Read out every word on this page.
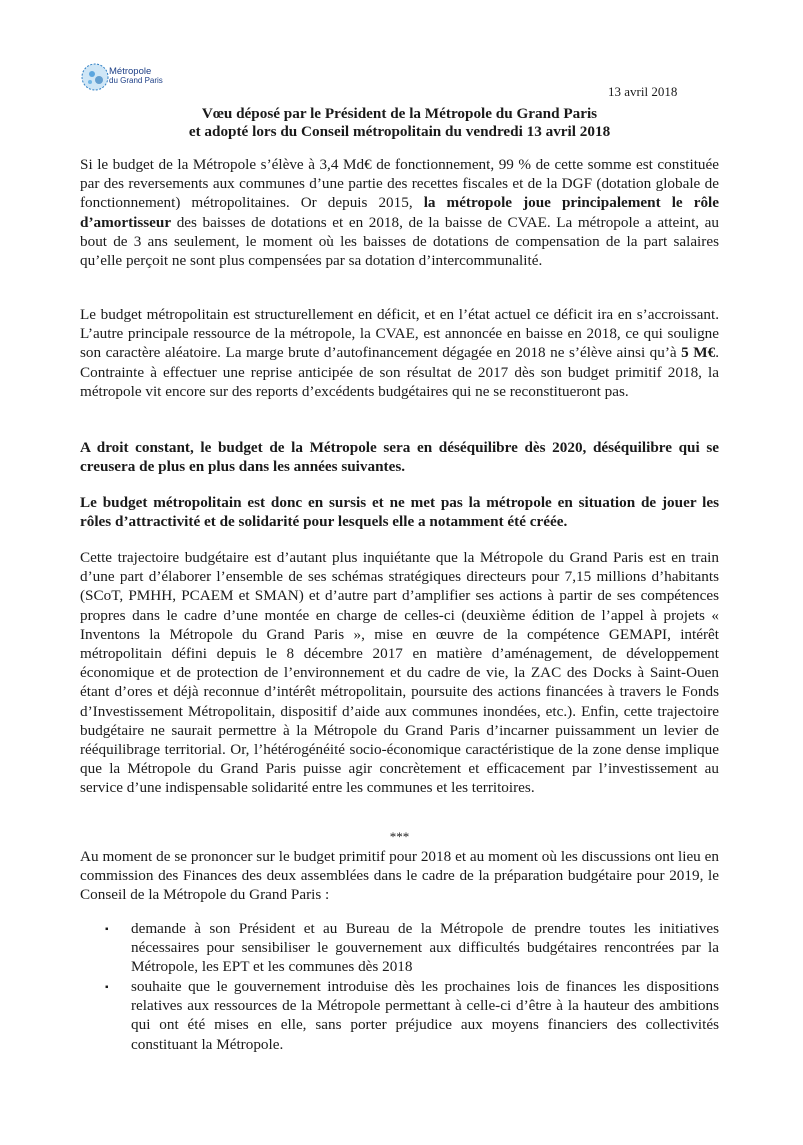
Métropole
du Grand Paris
13 avril 2018
Vœu déposé par le Président de la Métropole du Grand Paris
et adopté lors du Conseil métropolitain du vendredi 13 avril 2018

Si le budget de la Métropole s’élève à 3,4 Md€ de fonctionnement, 99 % de cette somme est constituée par des reversements aux communes d’une partie des recettes fiscales et de la DGF (dotation globale de fonctionnement) métropolitaines. Or depuis 2015, la métropole joue principalement le rôle d’amortisseur des baisses de dotations et en 2018, de la baisse de CVAE. La métropole a atteint, au bout de 3 ans seulement, le moment où les baisses de dotations de compensation de la part salaires qu’elle perçoit ne sont plus compensées par sa dotation d’intercommunalité.

Le budget métropolitain est structurellement en déficit, et en l’état actuel ce déficit ira en s’accroissant. L’autre principale ressource de la métropole, la CVAE, est annoncée en baisse en 2018, ce qui souligne son caractère aléatoire. La marge brute d’autofinancement dégagée en 2018 ne s’élève ainsi qu’à 5 M€. Contrainte à effectuer une reprise anticipée de son résultat de 2017 dès son budget primitif 2018, la métropole vit encore sur des reports d’excédents budgétaires qui ne se reconstitueront pas.

A droit constant, le budget de la Métropole sera en déséquilibre dès 2020, déséquilibre qui se creusera de plus en plus dans les années suivantes.

Le budget métropolitain est donc en sursis et ne met pas la métropole en situation de jouer les rôles d’attractivité et de solidarité pour lesquels elle a notamment été créée.

Cette trajectoire budgétaire est d’autant plus inquiétante que la Métropole du Grand Paris est en train d’une part d’élaborer l’ensemble de ses schémas stratégiques directeurs pour 7,15 millions d’habitants (SCoT, PMHH, PCAEM et SMAN) et d’autre part d’amplifier ses actions à partir de ses compétences propres dans le cadre d’une montée en charge de celles-ci (deuxième édition de l’appel à projets « Inventons la Métropole du Grand Paris », mise en œuvre de la compétence GEMAPI, intérêt métropolitain défini depuis le 8 décembre 2017 en matière d’aménagement, de développement économique et de protection de l’environnement et du cadre de vie, la ZAC des Docks à Saint-Ouen étant d’ores et déjà reconnue d’intérêt métropolitain, poursuite des actions financées à travers le Fonds d’Investissement Métropolitain, dispositif d’aide aux communes inondées, etc.). Enfin, cette trajectoire budgétaire ne saurait permettre à la Métropole du Grand Paris d’incarner puissamment un levier de rééquilibrage territorial. Or, l’hétérogénéité socio-économique caractéristique de la zone dense implique que la Métropole du Grand Paris puisse agir concrètement et efficacement par l’investissement au service d’une indispensable solidarité entre les communes et les territoires.

***

Au moment de se prononcer sur le budget primitif pour 2018 et au moment où les discussions ont lieu en commission des Finances des deux assemblées dans le cadre de la préparation budgétaire pour 2019, le Conseil de la Métropole du Grand Paris :

▪ demande à son Président et au Bureau de la Métropole de prendre toutes les initiatives nécessaires pour sensibiliser le gouvernement aux difficultés budgétaires rencontrées par la Métropole, les EPT et les communes dès 2018

▪ souhaite que le gouvernement introduise dès les prochaines lois de finances les dispositions relatives aux ressources de la Métropole permettant à celle-ci d’être à la hauteur des ambitions qui ont été mises en elle, sans porter préjudice aux moyens financiers des collectivités constituant la Métropole.
